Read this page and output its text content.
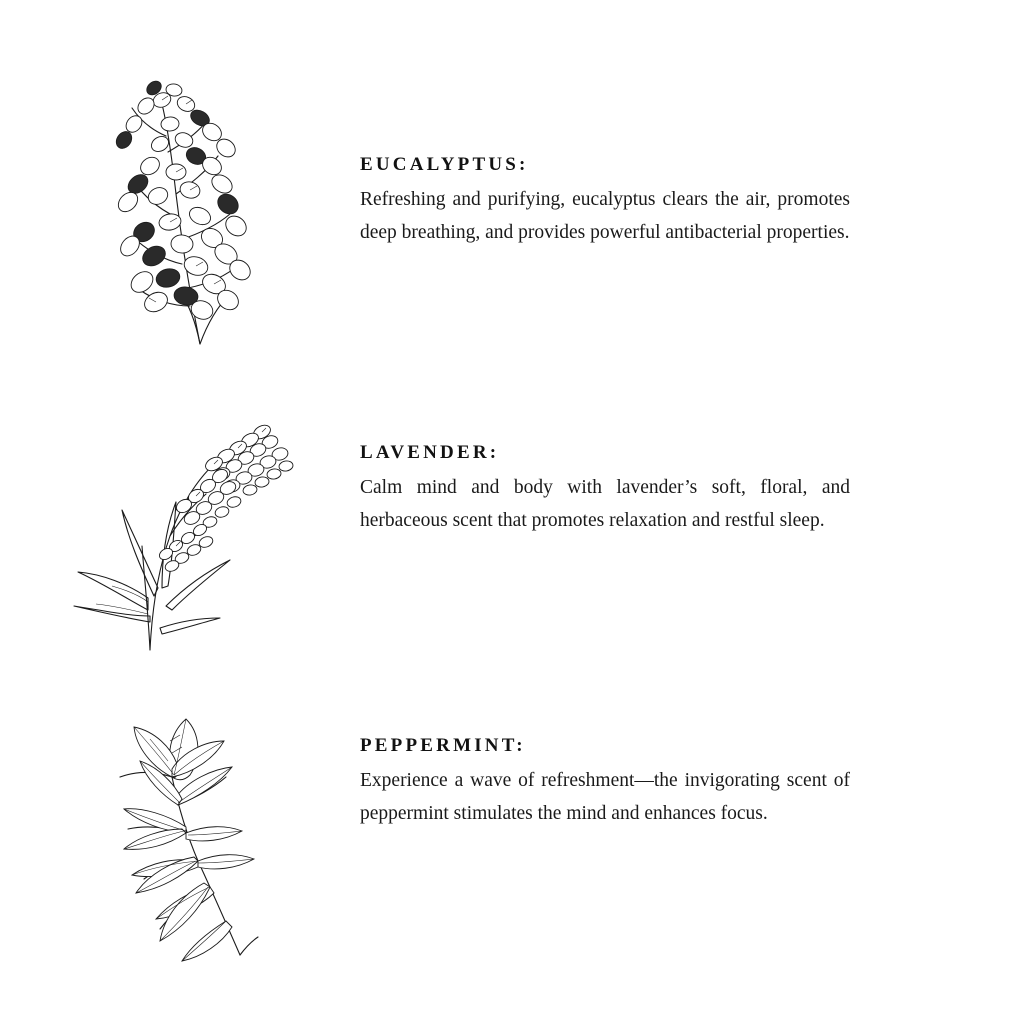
EUCALYPTUS:

Refreshing and purifying, eucalyptus clears the air, promotes deep breathing, and provides powerful antibacterial properties.

LAVENDER:

Calm mind and body with lavender’s soft, floral, and herbaceous scent that promotes relaxation and restful sleep.

PEPPERMINT:

Experience a wave of refreshment—the invigorating scent of peppermint stimulates the mind and enhances focus.
